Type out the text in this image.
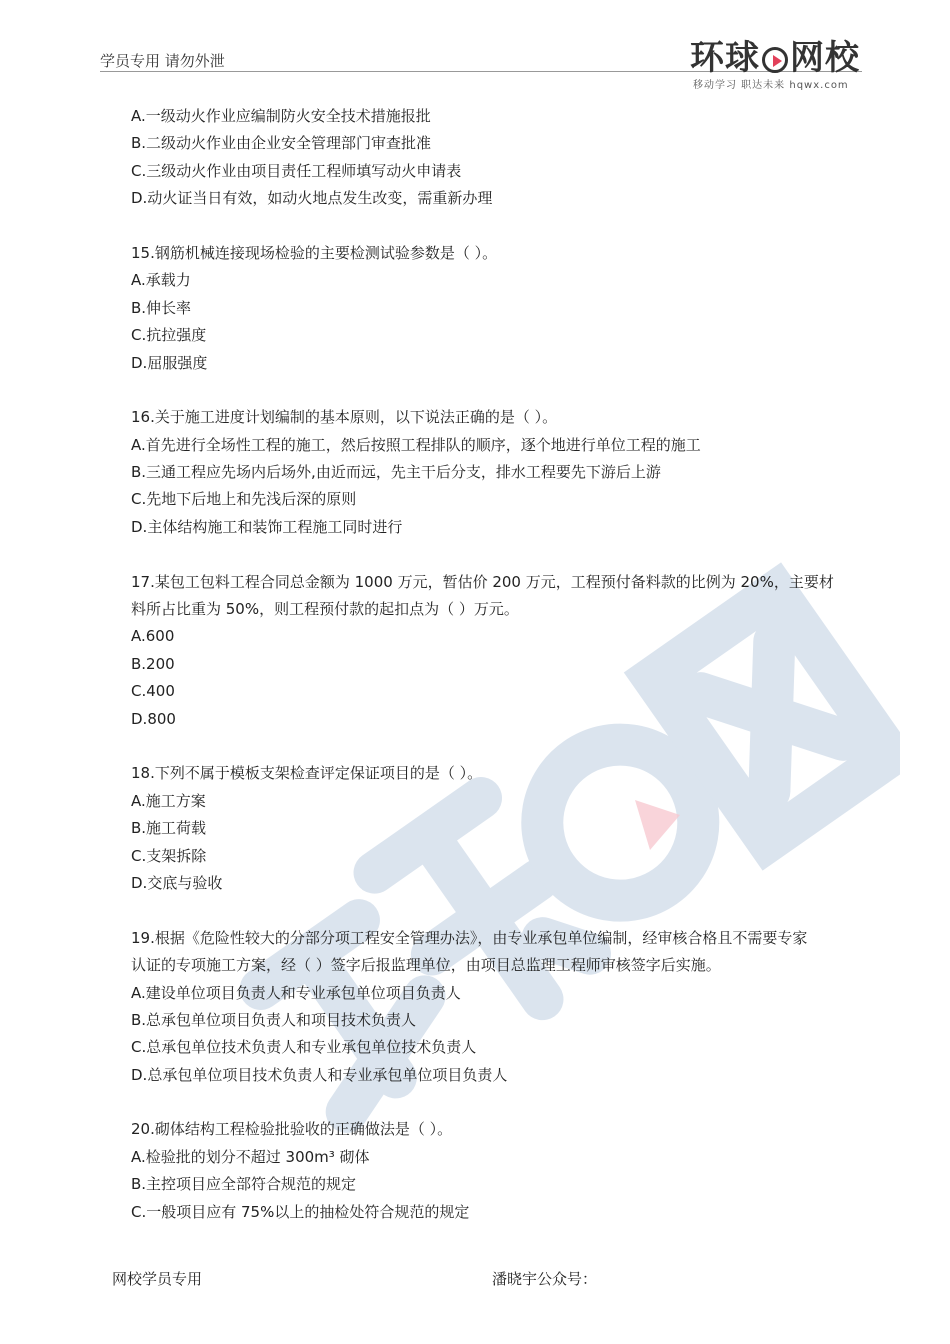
学员专用 请勿外泄	环球 网校
移动学习 职达未来 hqwx.com
A.一级动火作业应编制防火安全技术措施报批
B.二级动火作业由企业安全管理部门审查批准
C.三级动火作业由项目责任工程师填写动火申请表
D.动火证当日有效，如动火地点发生改变，需重新办理
15.钢筋机械连接现场检验的主要检测试验参数是（ ）。
A.承载力
B.伸长率
C.抗拉强度
D.屈服强度
16.关于施工进度计划编制的基本原则，以下说法正确的是（ ）。
A.首先进行全场性工程的施工，然后按照工程排队的顺序，逐个地进行单位工程的施工
B.三通工程应先场内后场外,由近而远，先主干后分支，排水工程要先下游后上游
C.先地下后地上和先浅后深的原则
D.主体结构施工和装饰工程施工同时进行
17.某包工包料工程合同总金额为 1000 万元，暂估价 200 万元，工程预付备料款的比例为 20%，主要材
料所占比重为 50%，则工程预付款的起扣点为（ ）万元。
A.600
B.200
C.400
D.800
18.下列不属于模板支架检查评定保证项目的是（ ）。
A.施工方案
B.施工荷载
C.支架拆除
D.交底与验收
19.根据《危险性较大的分部分项工程安全管理办法》，由专业承包单位编制，经审核合格且不需要专家
认证的专项施工方案，经（ ）签字后报监理单位，由项目总监理工程师审核签字后实施。
A.建设单位项目负责人和专业承包单位项目负责人
B.总承包单位项目负责人和项目技术负责人
C.总承包单位技术负责人和专业承包单位技术负责人
D.总承包单位项目技术负责人和专业承包单位项目负责人
20.砌体结构工程检验批验收的正确做法是（ ）。
A.检验批的划分不超过 300m³ 砌体
B.主控项目应全部符合规范的规定
C.一般项目应有 75%以上的抽检处符合规范的规定
网校学员专用	潘晓宇公众号：
